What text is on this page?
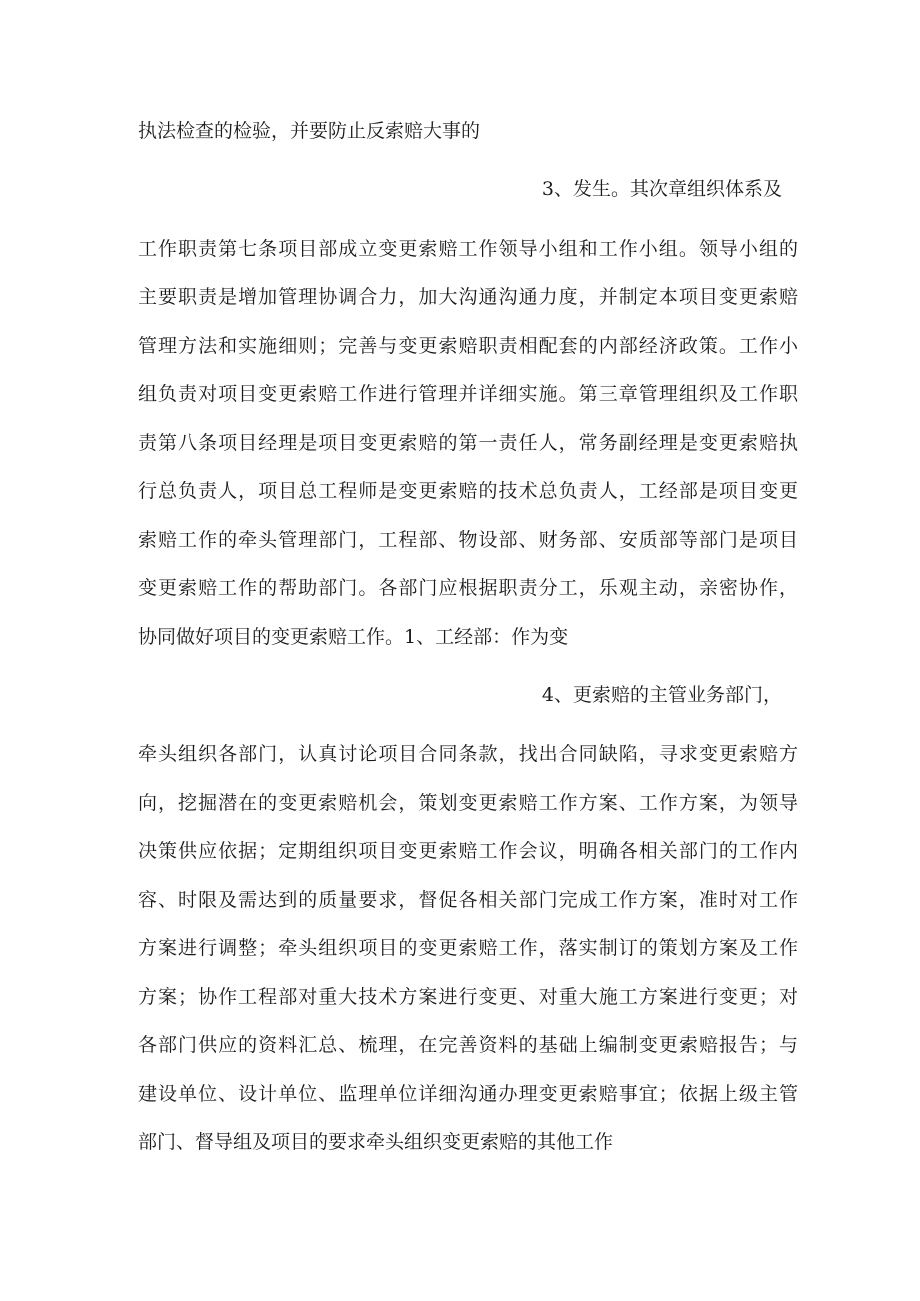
执法检查的检验，并要防止反索赔大事的
3、发生。其次章组织体系及
工作职责第七条项目部成立变更索赔工作领导小组和工作小组。领导小组的
主要职责是增加管理协调合力，加大沟通沟通力度，并制定本项目变更索赔
管理方法和实施细则；完善与变更索赔职责相配套的内部经济政策。工作小
组负责对项目变更索赔工作进行管理并详细实施。第三章管理组织及工作职
责第八条项目经理是项目变更索赔的第一责任人，常务副经理是变更索赔执
行总负责人，项目总工程师是变更索赔的技术总负责人，工经部是项目变更
索赔工作的牵头管理部门，工程部、物设部、财务部、安质部等部门是项目
变更索赔工作的帮助部门。各部门应根据职责分工，乐观主动，亲密协作，
协同做好项目的变更索赔工作。1、工经部：作为变
4、更索赔的主管业务部门，
牵头组织各部门，认真讨论项目合同条款，找出合同缺陷，寻求变更索赔方
向，挖掘潜在的变更索赔机会，策划变更索赔工作方案、工作方案，为领导
决策供应依据；定期组织项目变更索赔工作会议，明确各相关部门的工作内
容、时限及需达到的质量要求，督促各相关部门完成工作方案，准时对工作
方案进行调整；牵头组织项目的变更索赔工作，落实制订的策划方案及工作
方案；协作工程部对重大技术方案进行变更、对重大施工方案进行变更；对
各部门供应的资料汇总、梳理，在完善资料的基础上编制变更索赔报告；与
建设单位、设计单位、监理单位详细沟通办理变更索赔事宜；依据上级主管
部门、督导组及项目的要求牵头组织变更索赔的其他工作
